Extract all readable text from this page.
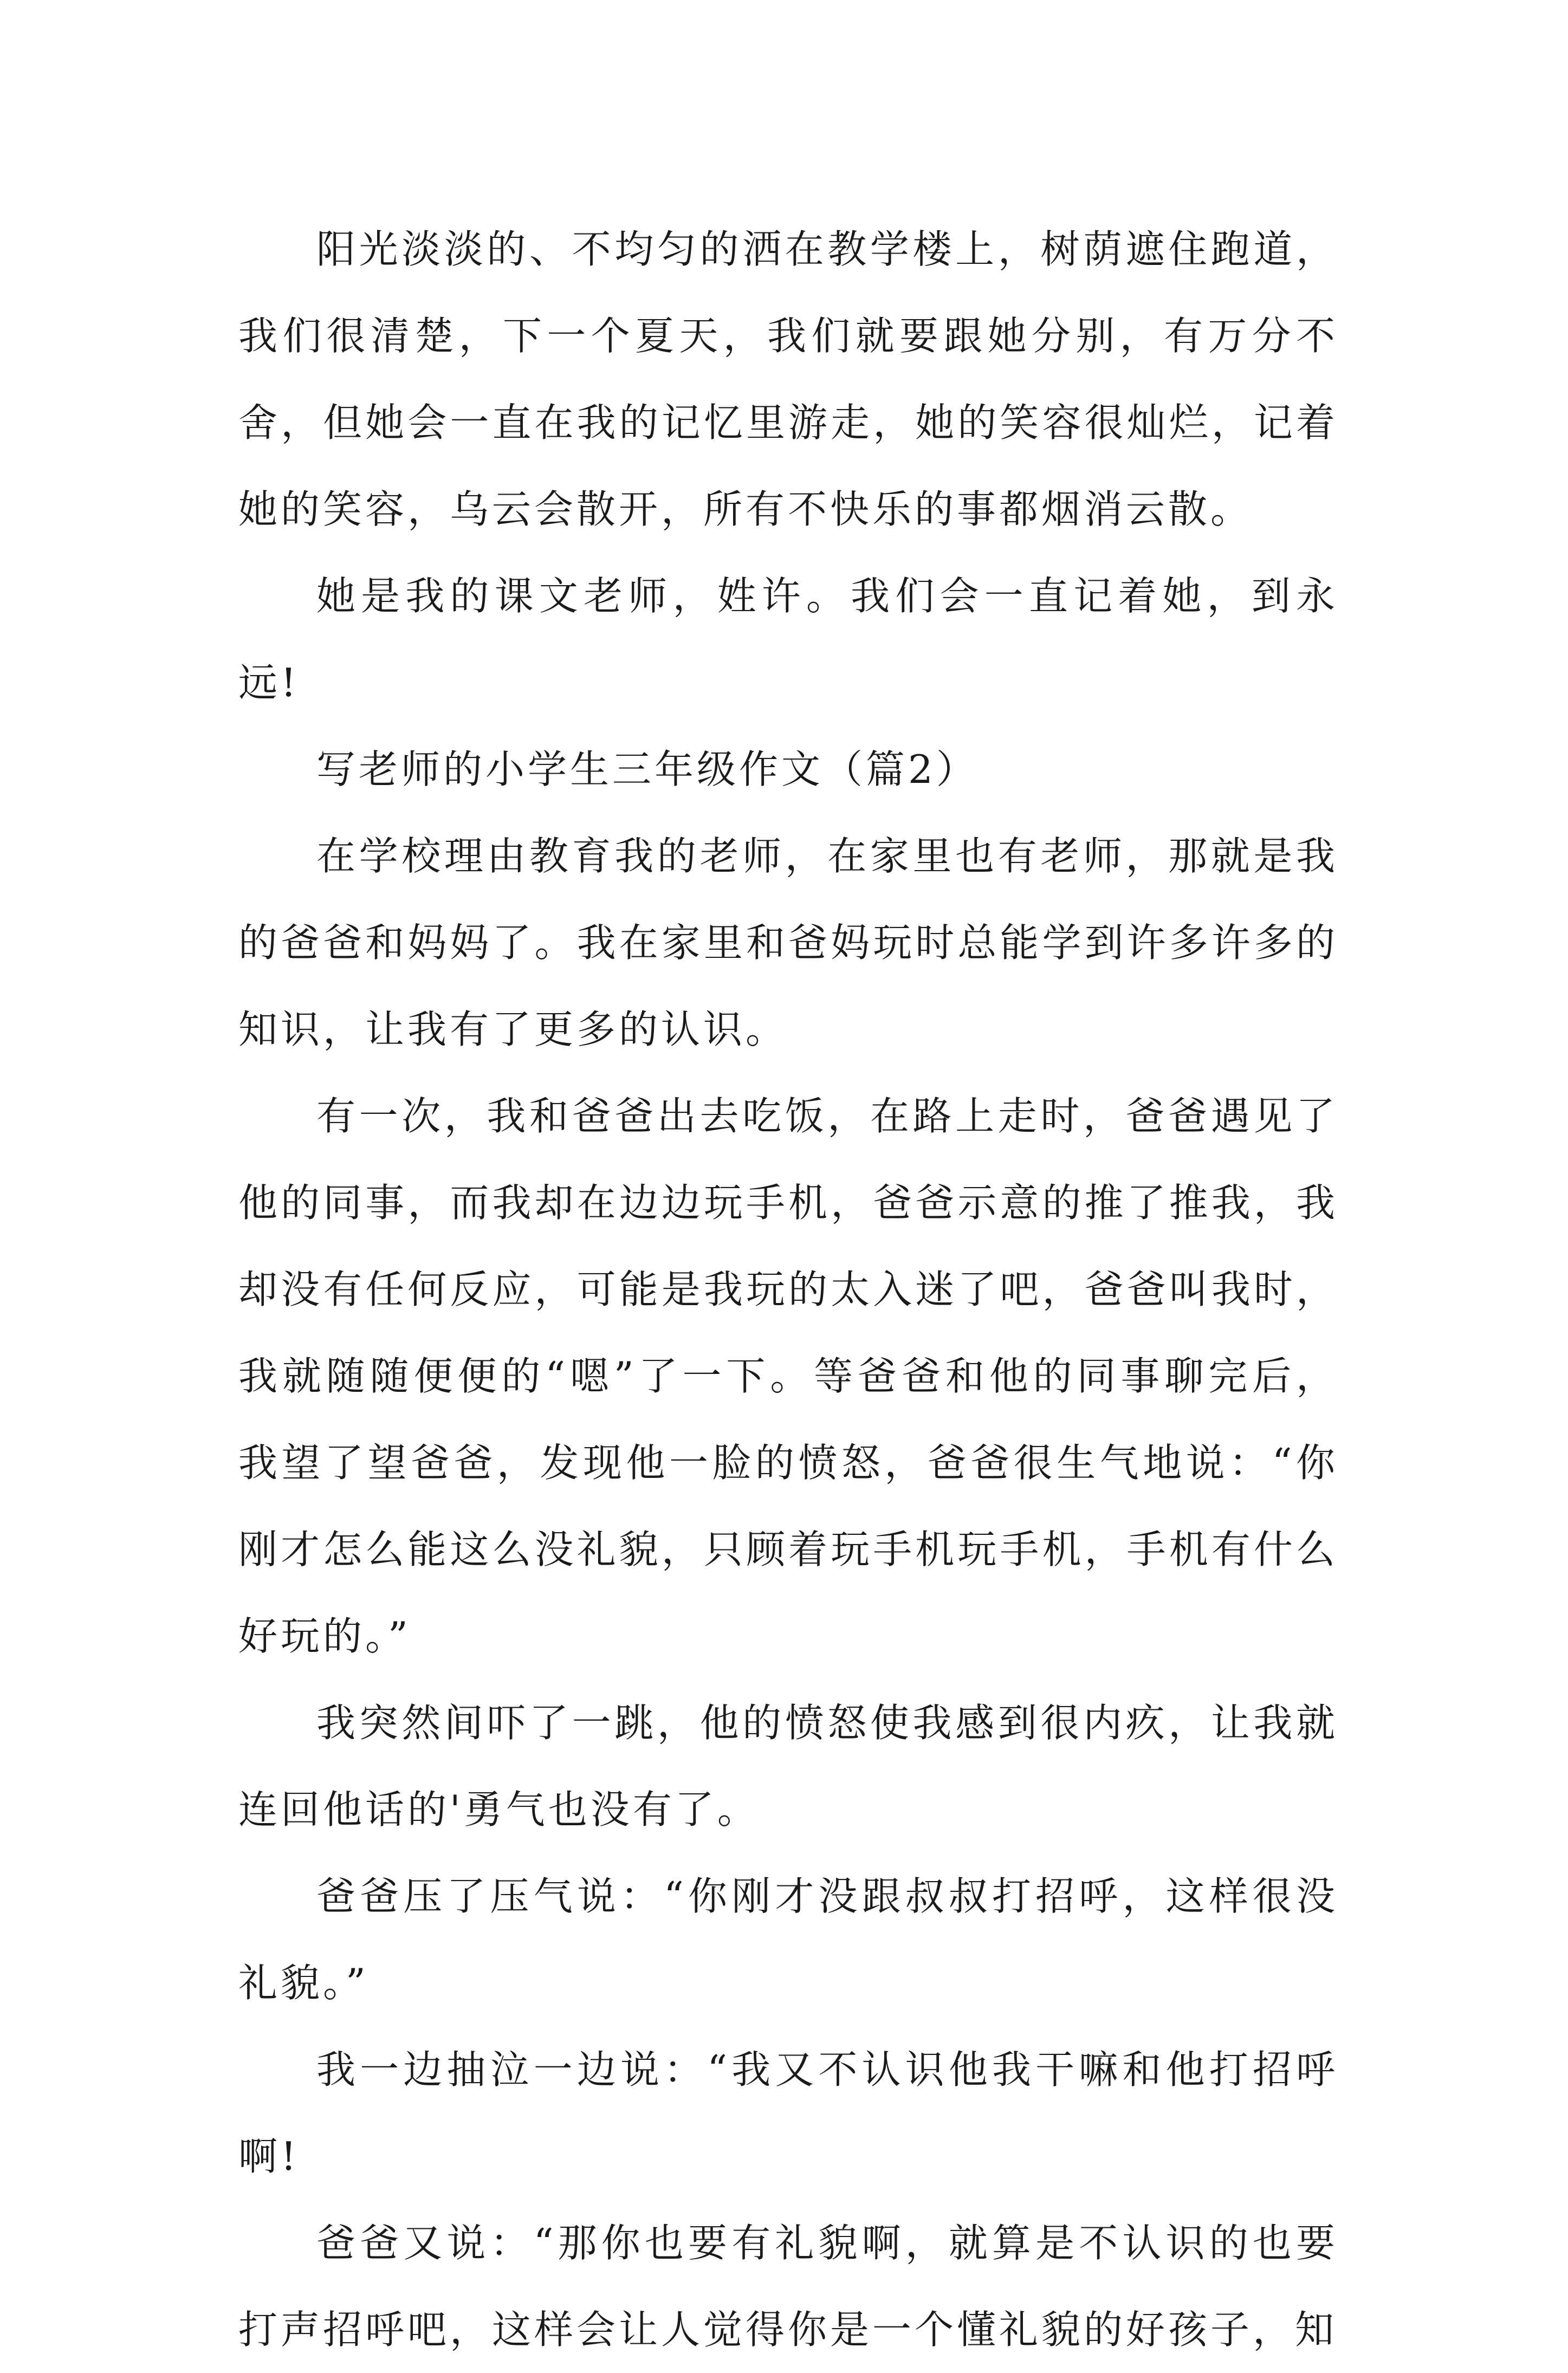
阳光淡淡的、不均匀的洒在教学楼上，树荫遮住跑道，我们很清楚，下一个夏天，我们就要跟她分别，有万分不舍，但她会一直在我的记忆里游走，她的笑容很灿烂，记着她的笑容，乌云会散开，所有不快乐的事都烟消云散。

她是我的课文老师，姓许。我们会一直记着她，到永远!

写老师的小学生三年级作文（篇2）

在学校理由教育我的老师，在家里也有老师，那就是我的爸爸和妈妈了。我在家里和爸妈玩时总能学到许多许多的知识，让我有了更多的认识。

有一次，我和爸爸出去吃饭，在路上走时，爸爸遇见了他的同事，而我却在边边玩手机，爸爸示意的推了推我，我却没有任何反应，可能是我玩的太入迷了吧，爸爸叫我时，我就随随便便的“嗯”了一下。等爸爸和他的同事聊完后，我望了望爸爸，发现他一脸的愤怒，爸爸很生气地说：“你刚才怎么能这么没礼貌，只顾着玩手机玩手机，手机有什么好玩的。”

我突然间吓了一跳，他的愤怒使我感到很内疚，让我就连回他话的'勇气也没有了。

爸爸压了压气说：“你刚才没跟叔叔打招呼，这样很没礼貌。”

我一边抽泣一边说：“我又不认识他我干嘛和他打招呼啊!

爸爸又说：“那你也要有礼貌啊，就算是不认识的也要打声招呼吧，这样会让人觉得你是一个懂礼貌的好孩子，知
